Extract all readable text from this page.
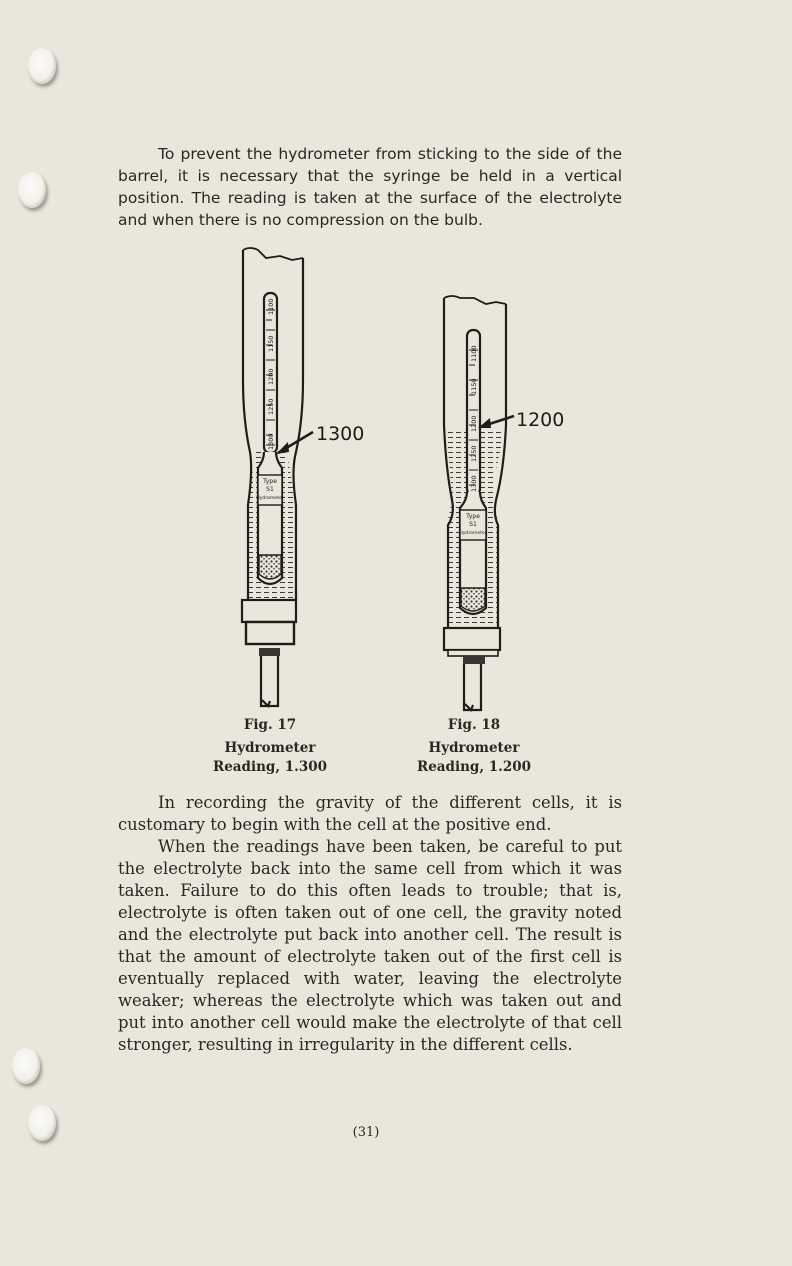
To prevent the hydrometer from sticking to the side of the barrel, it is necessary that the syringe be held in a vertical position. The reading is taken at the surface of the electrolyte and when there is no compression on the bulb.

1100
1150
1200
1250
1300
Type
S1
Hydrometer
1300
1100
1150
1200
1250
1300
Type
S1
Hydrometer
1200
Fig. 17
Hydrometer
Reading, 1.300
Fig. 18
Hydrometer
Reading, 1.200

In recording the gravity of the different cells, it is customary to begin with the cell at the positive end.

When the readings have been taken, be careful to put the electrolyte back into the same cell from which it was taken. Failure to do this often leads to trouble; that is, electrolyte is often taken out of one cell, the gravity noted and the electrolyte put back into another cell. The result is that the amount of electrolyte taken out of the first cell is eventually replaced with water, leaving the electrolyte weaker; whereas the electrolyte which was taken out and put into another cell would make the electrolyte of that cell stronger, resulting in irregularity in the different cells.

(31)
